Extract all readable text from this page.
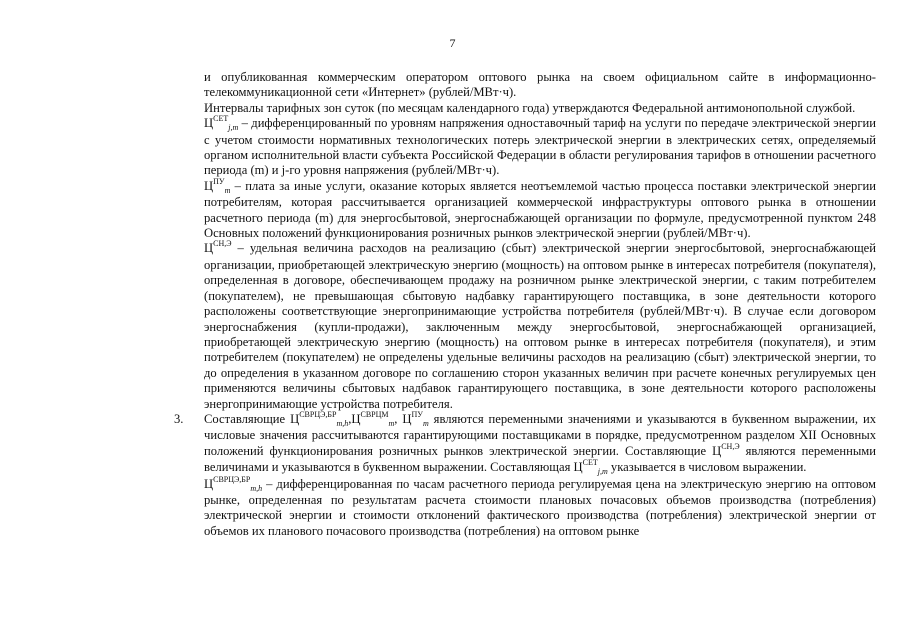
7

и опубликованная коммерческим оператором оптового рынка на своем официальном сайте в информационно-телекоммуникационной сети «Интернет» (рублей/МВт·ч).

Интервалы тарифных зон суток (по месяцам календарного года) утверждаются Федеральной антимонопольной службой.

$Ц^{СЕТ}_{j,m}$ – дифференцированный по уровням напряжения одноставочный тариф на услуги по передаче электрической энергии с учетом стоимости нормативных технологических потерь электрической энергии в электрических сетях, определяемый органом исполнительной власти субъекта Российской Федерации в области регулирования тарифов в отношении расчетного периода (m) и j-го уровня напряжения (рублей/МВт·ч).

$Ц^{ПУ}_m$ – плата за иные услуги, оказание которых является неотъемлемой частью процесса поставки электрической энергии потребителям, которая рассчитывается организацией коммерческой инфраструктуры оптового рынка в отношении расчетного периода (m) для энергосбытовой, энергоснабжающей организации по формуле, предусмотренной пунктом 248 Основных положений функционирования розничных рынков электрической энергии (рублей/МВт·ч).

$Ц^{СН,Э}$ – удельная величина расходов на реализацию (сбыт) электрической энергии энергосбытовой, энергоснабжающей организации, приобретающей электрическую энергию (мощность) на оптовом рынке в интересах потребителя (покупателя), определенная в договоре, обеспечивающем продажу на розничном рынке электрической энергии, с таким потребителем (покупателем), не превышающая сбытовую надбавку гарантирующего поставщика, в зоне деятельности которого расположены соответствующие энергопринимающие устройства потребителя (рублей/МВт·ч). В случае если договором энергоснабжения (купли-продажи), заключенным между энергосбытовой, энергоснабжающей организацией, приобретающей электрическую энергию (мощность) на оптовом рынке в интересах потребителя (покупателя), и этим потребителем (покупателем) не определены удельные величины расходов на реализацию (сбыт) электрической энергии, то до определения в указанном договоре по соглашению сторон указанных величин при расчете конечных регулируемых цен применяются величины сбытовых надбавок гарантирующего поставщика, в зоне деятельности которого расположены энергопринимающие устройства потребителя.

3. Составляющие $Ц^{СВРЦЭ,БР}_{m,h},Ц^{СВРЦМ}_m$, $Ц^{ПУ}_m$ являются переменными значениями и указываются в буквенном выражении, их числовые значения рассчитываются гарантирующими поставщиками в порядке, предусмотренном разделом XII Основных положений функционирования розничных рынков электрической энергии. Составляющие $Ц^{СН,Э}$ являются переменными величинами и указываются в буквенном выражении. Составляющая $Ц^{СЕТ}_{j,m}$ указывается в числовом выражении.

$Ц^{СВРЦЭ,БР}_{m,h}$ – дифференцированная по часам расчетного периода регулируемая цена на электрическую энергию на оптовом рынке, определенная по результатам расчета стоимости плановых почасовых объемов производства (потребления) электрической энергии и стоимости отклонений фактического производства (потребления) электрической энергии от объемов их планового почасового производства (потребления) на оптовом рынке
